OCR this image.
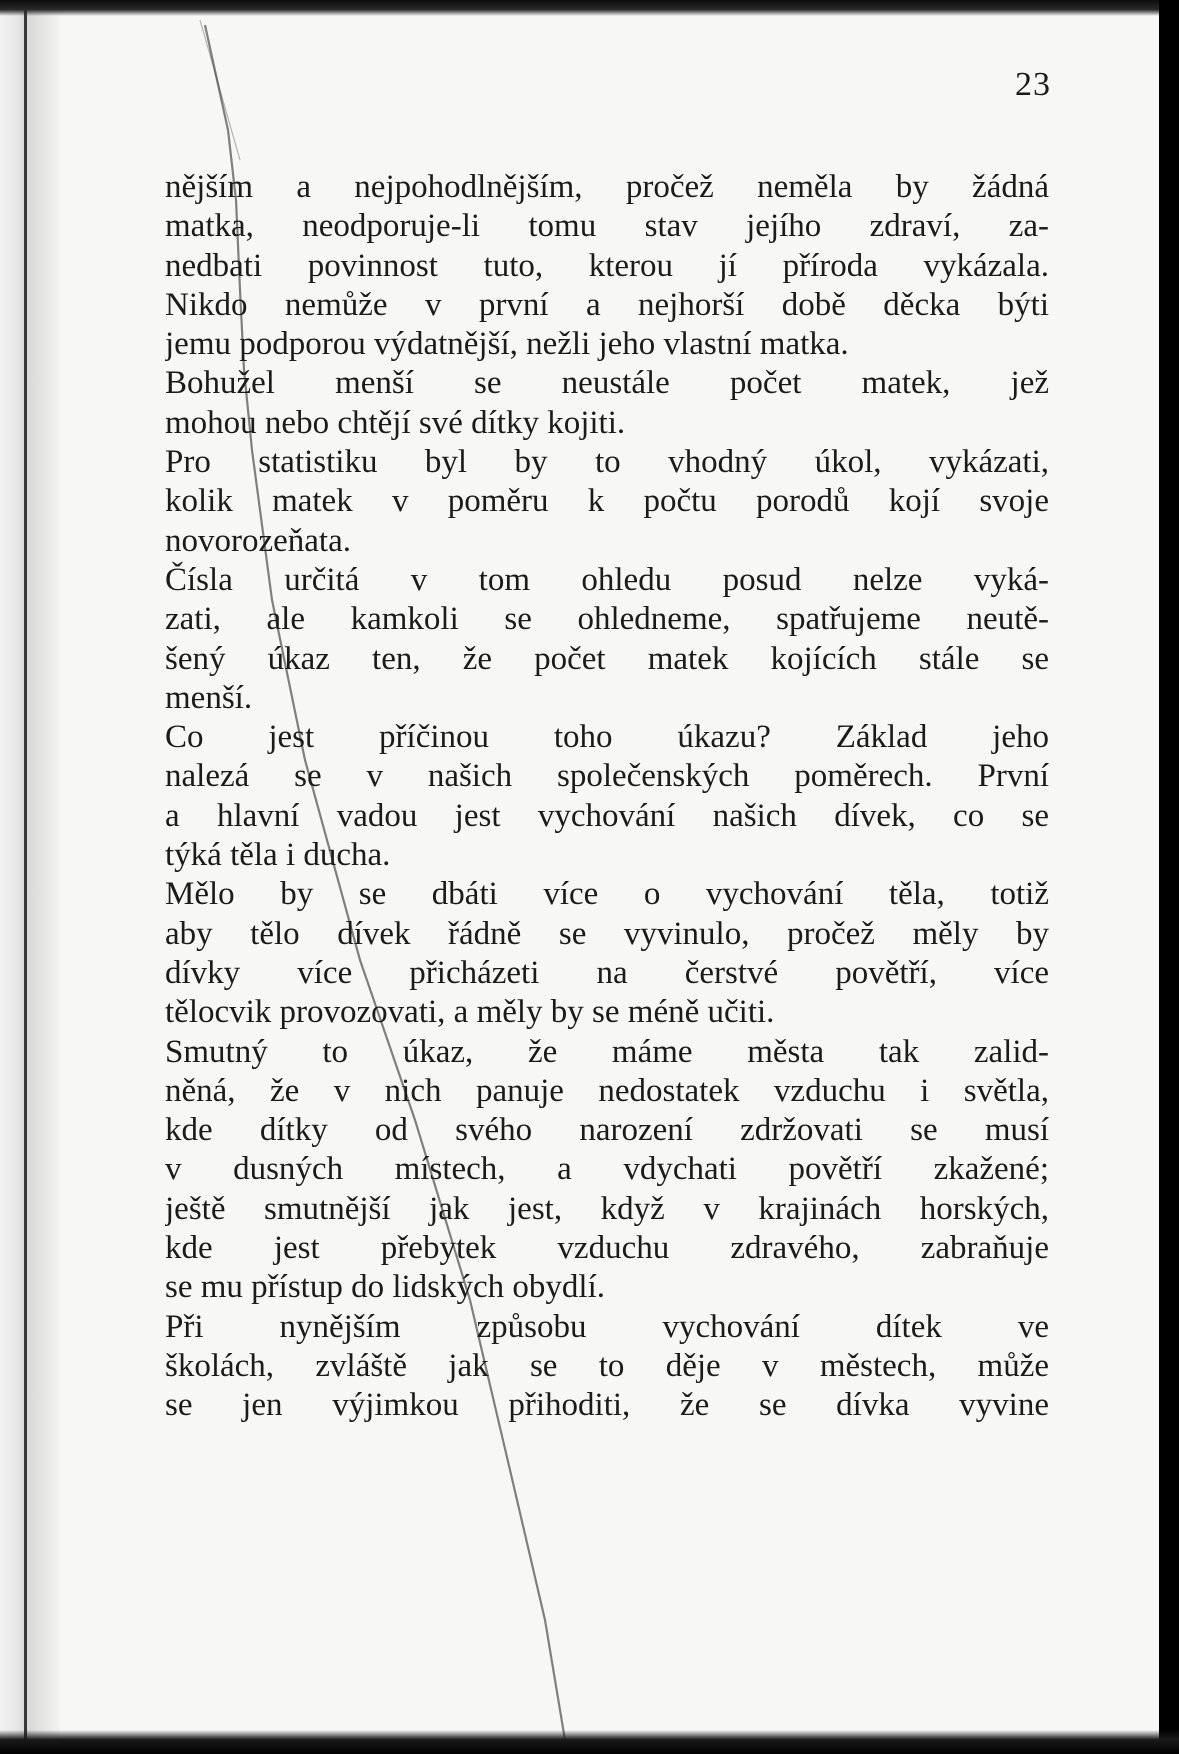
23
nějším a nejpohodlnějším, pročež neměla by žádná
matka, neodporuje-li tomu stav jejího zdraví, za-
nedbati povinnost tuto, kterou jí příroda vykázala.
Nikdo nemůže v první a nejhorší době děcka býti
jemu podporou výdatnější, nežli jeho vlastní matka.
Bohužel menší se neustále počet matek, jež
mohou nebo chtějí své dítky kojiti.
Pro statistiku byl by to vhodný úkol, vykázati,
kolik matek v poměru k počtu porodů kojí svoje
novorozeňata.
Čísla určitá v tom ohledu posud nelze vyká-
zati, ale kamkoli se ohledneme, spatřujeme neutě-
šený úkaz ten, že počet matek kojících stále se
menší.
Co jest příčinou toho úkazu? Základ jeho
nalezá se v našich společenských poměrech. První
a hlavní vadou jest vychování našich dívek, co se
týká těla i ducha.
Mělo by se dbáti více o vychování těla, totiž
aby tělo dívek řádně se vyvinulo, pročež měly by
dívky více přicházeti na čerstvé povětří, více
tělocvik provozovati, a měly by se méně učiti.
Smutný to úkaz, že máme města tak zalid-
něná, že v nich panuje nedostatek vzduchu i světla,
kde dítky od svého narození zdržovati se musí
v dusných místech, a vdychati povětří zkažené;
ještě smutnější jak jest, když v krajinách horských,
kde jest přebytek vzduchu zdravého, zabraňuje
se mu přístup do lidských obydlí.
Při nynějším způsobu vychování dítek ve
školách, zvláště jak se to děje v městech, může
se jen výjimkou přihoditi, že se dívka vyvine
